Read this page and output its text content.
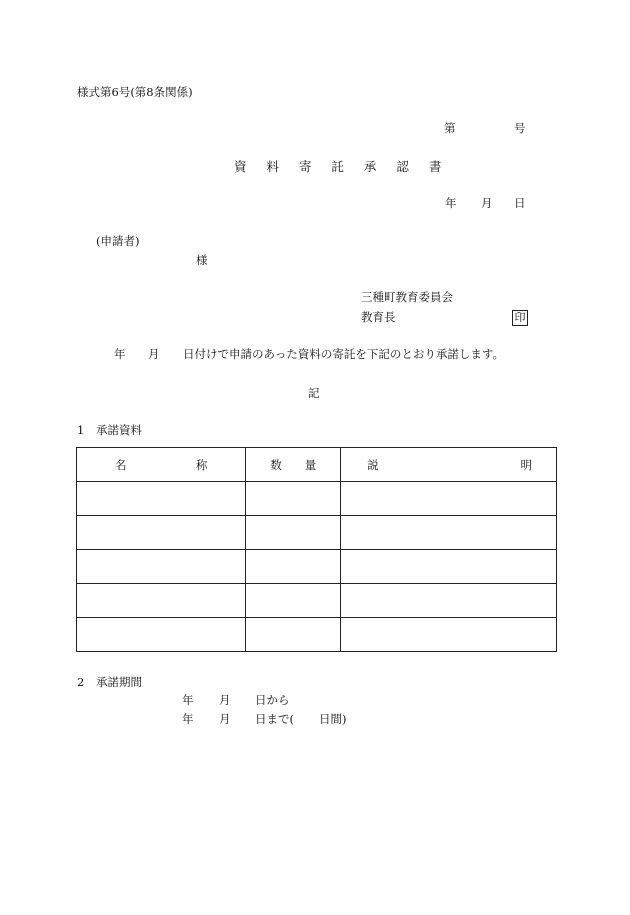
様式第6号(第8条関係)
第	号
資 料 寄 託 承 認 書
年 月 日
(申請者)
様
三種町教育委員会
教育長	印
年 月 日付けで申請のあった資料の寄託を下記のとおり承諾します。
記
1 承諾資料
名 称	数 量	説 明

2 承諾期間
年 月 日から
年 月 日まで( 日間)
